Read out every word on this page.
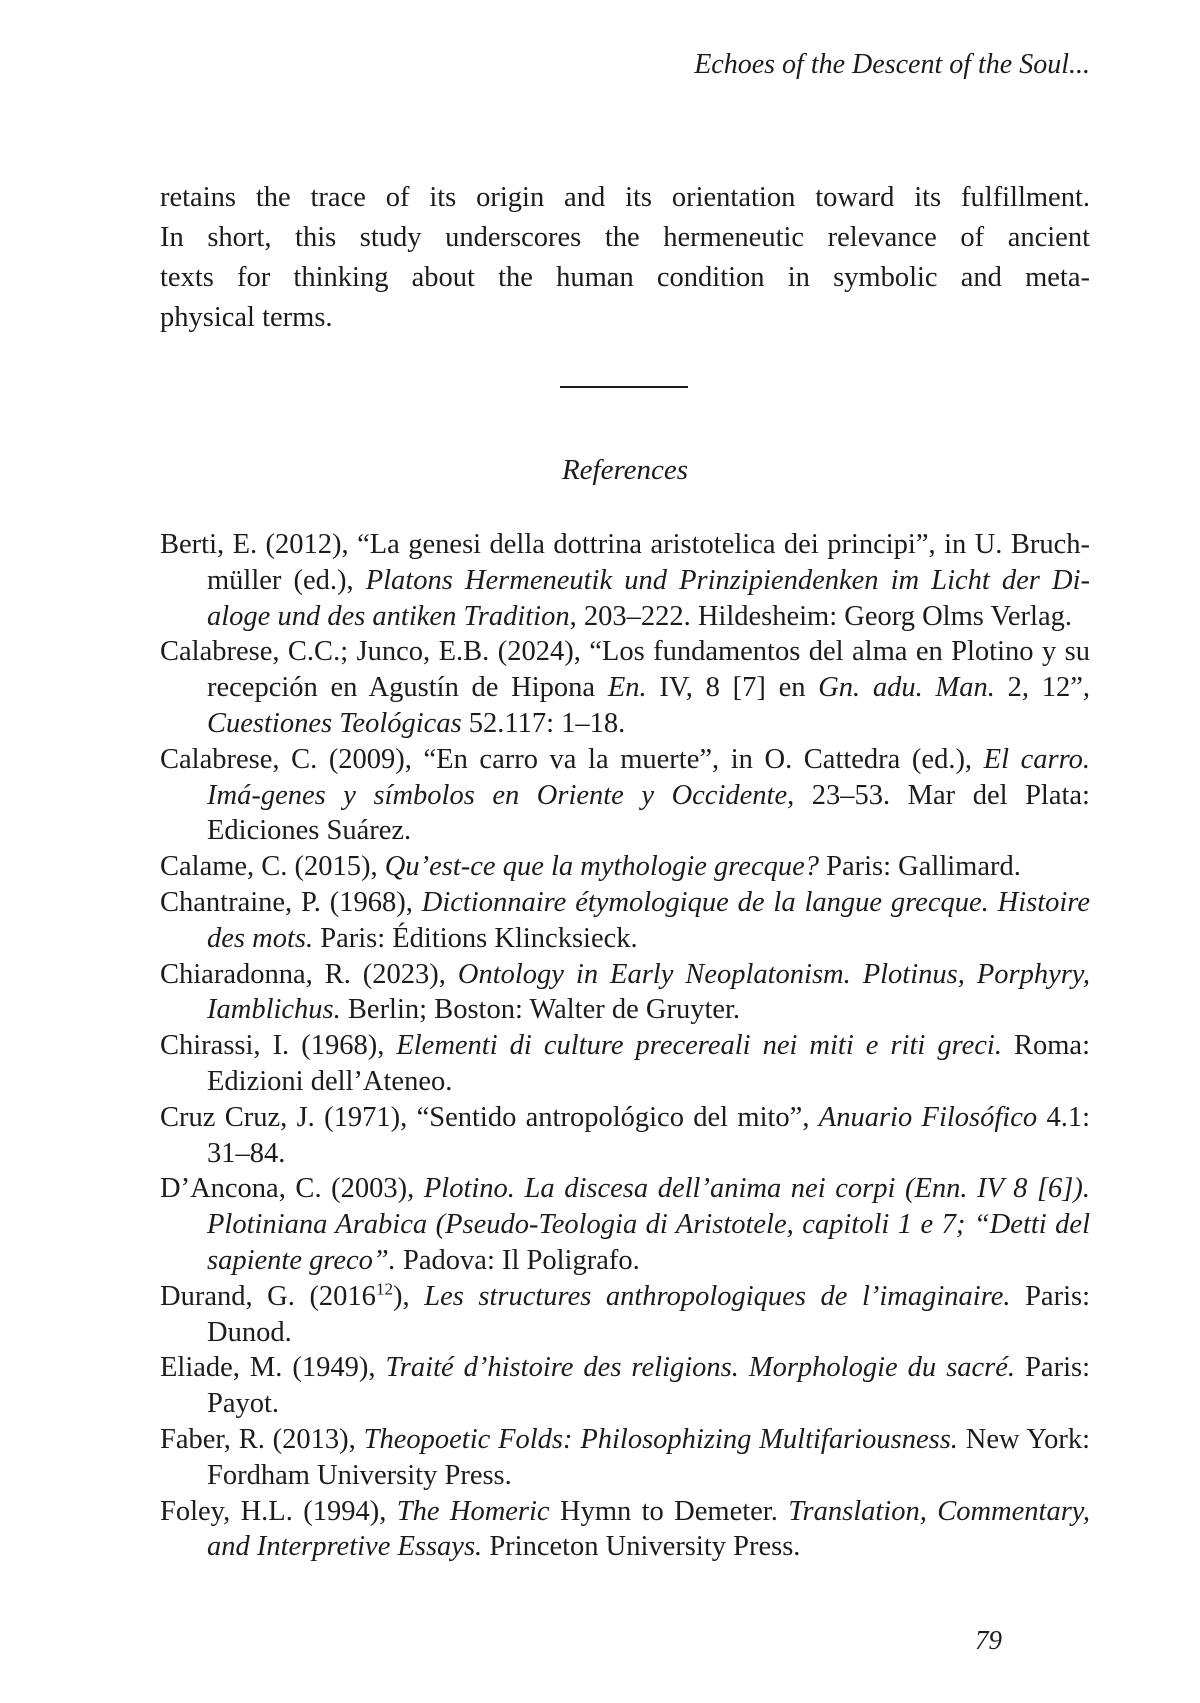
Echoes of the Descent of the Soul...

retains the trace of its origin and its orientation toward its fulfillment.
In short, this study underscores the hermeneutic relevance of ancient
texts for thinking about the human condition in symbolic and meta-
physical terms.

References
Berti, E. (2012), “La genesi della dottrina aristotelica dei principi”, in U. Bruch-müller (ed.), Platons Hermeneutik und Prinzipiendenken im Licht der Di-aloge und des antiken Tradition, 203–222. Hildesheim: Georg Olms Verlag.
Calabrese, C.C.; Junco, E.B. (2024), “Los fundamentos del alma en Plotino y su recepción en Agustín de Hipona En. IV, 8 [7] en Gn. adu. Man. 2, 12”, Cuestiones Teológicas 52.117: 1–18.
Calabrese, C. (2009), “En carro va la muerte”, in O. Cattedra (ed.), El carro. Imá-genes y símbolos en Oriente y Occidente, 23–53. Mar del Plata: Ediciones Suárez.
Calame, C. (2015), Qu’est-ce que la mythologie grecque? Paris: Gallimard.
Chantraine, P. (1968), Dictionnaire étymologique de la langue grecque. Histoire des mots. Paris: Éditions Klincksieck.
Chiaradonna, R. (2023), Ontology in Early Neoplatonism. Plotinus, Porphyry, Iamblichus. Berlin; Boston: Walter de Gruyter.
Chirassi, I. (1968), Elementi di culture precereali nei miti e riti greci. Roma: Edizioni dell’Ateneo.
Cruz Cruz, J. (1971), “Sentido antropológico del mito”, Anuario Filosófico 4.1: 31–84.
D’Ancona, C. (2003), Plotino. La discesa dell’anima nei corpi (Enn. IV 8 [6]). Plotiniana Arabica (Pseudo-Teologia di Aristotele, capitoli 1 e 7; “Detti del sapiente greco”. Padova: Il Poligrafo.
Durand, G. (2016$^{12}$), Les structures anthropologiques de l’imaginaire. Paris: Dunod.
Eliade, M. (1949), Traité d’histoire des religions. Morphologie du sacré. Paris: Payot.
Faber, R. (2013), Theopoetic Folds: Philosophizing Multifariousness. New York: Fordham University Press.
Foley, H.L. (1994), The Homeric Hymn to Demeter. Translation, Commentary, and Interpretive Essays. Princeton University Press.
79
